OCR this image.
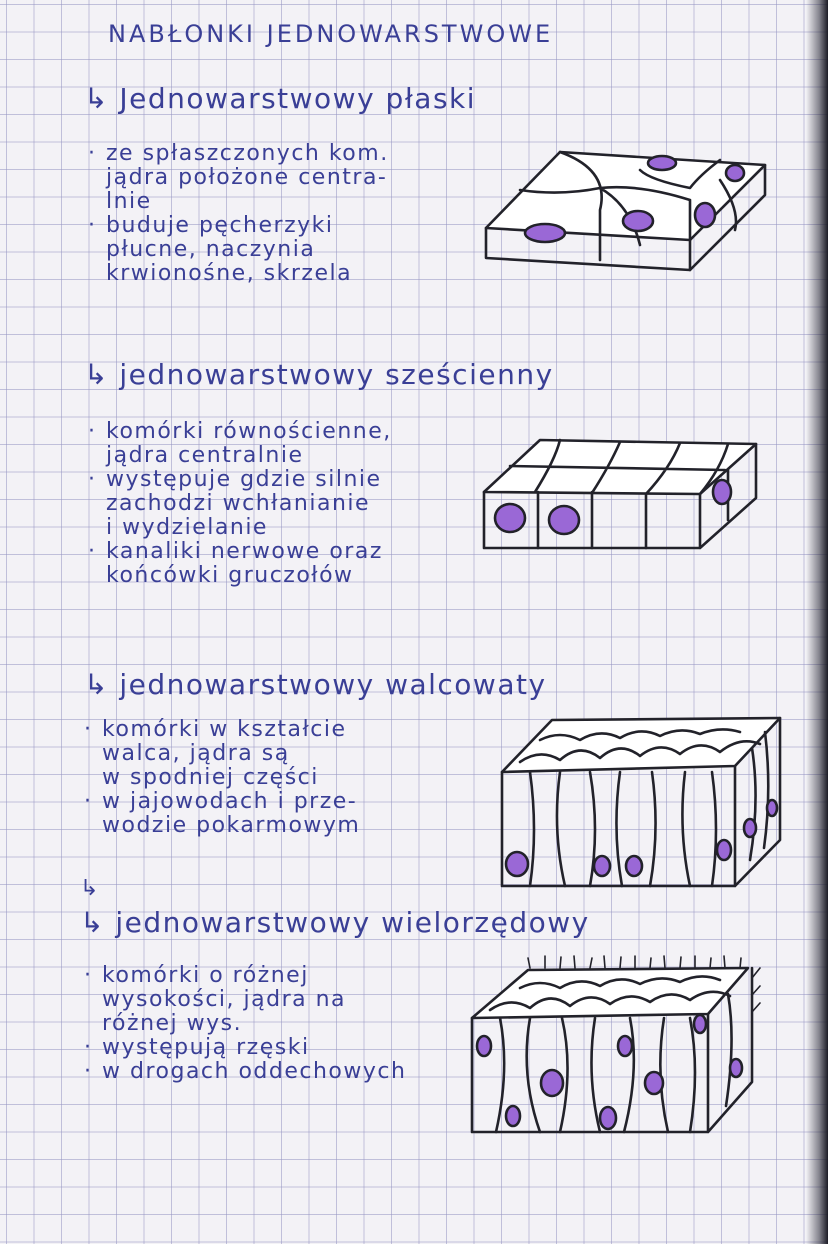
NABŁONKI JEDNOWARSTWOWE
↳ Jednowarstwowy płaski
· ze spłaszczonych kom.
jądra położone centra-
lnie
· buduje pęcherzyki
płucne, naczynia
krwionośne, skrzela
↳ jednowarstwowy sześcienny
· komórki równościenne,
jądra centralnie
· występuje gdzie silnie
zachodzi wchłanianie
i wydzielanie
· kanaliki nerwowe oraz
końcówki gruczołów
↳ jednowarstwowy walcowaty
· komórki w kształcie
walca, jądra są
w spodniej części
· w jajowodach i prze-
wodzie pokarmowym
↳
↳ jednowarstwowy wielorzędowy
· komórki o różnej
wysokości, jądra na
różnej wys.
· występują rzęski
· w drogach oddechowych
